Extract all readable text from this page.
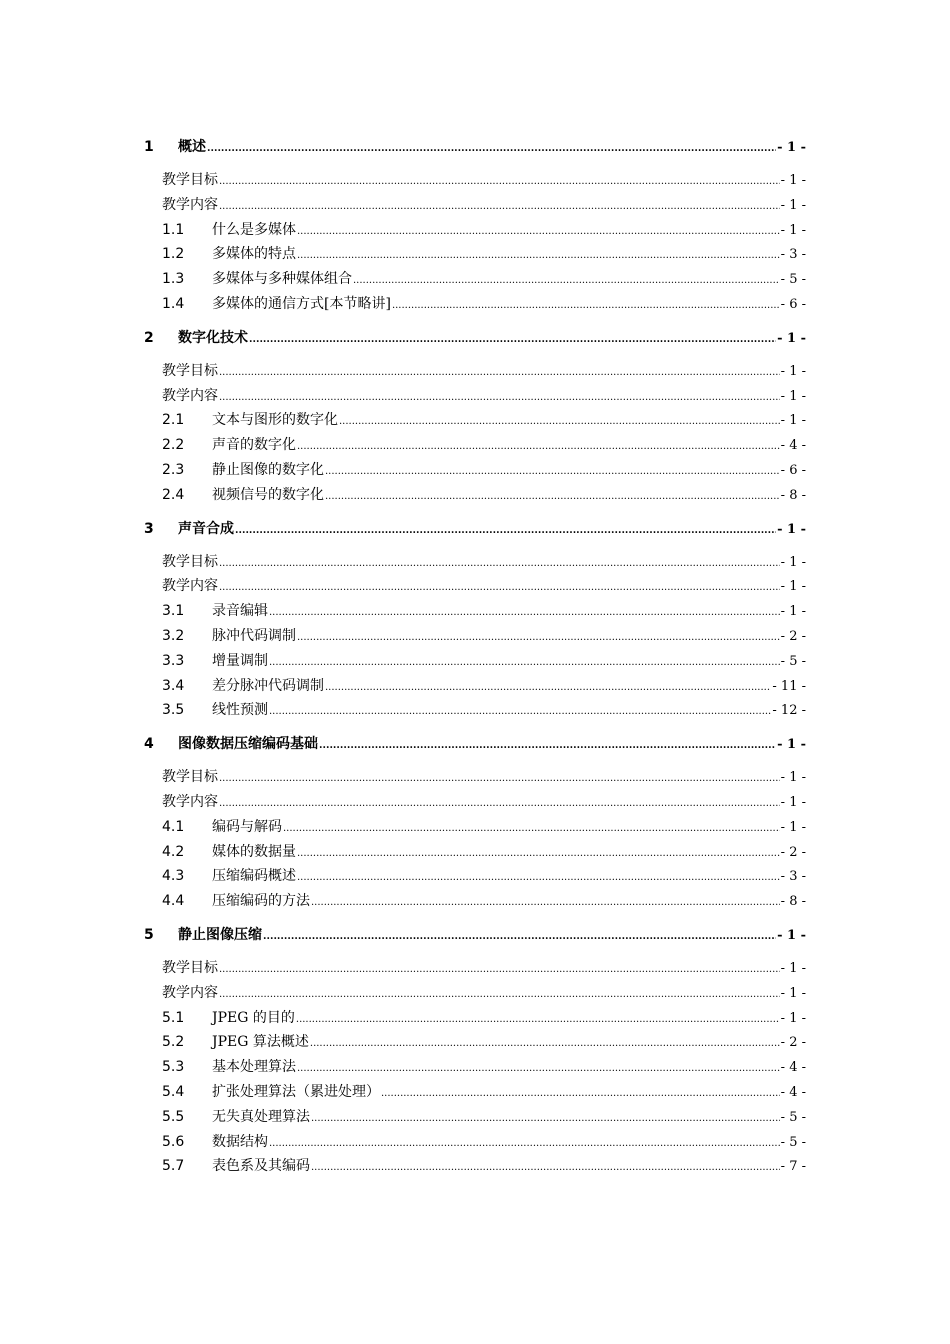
1	概述 .....	- 1 -
教学目标 .....	- 1 -
教学内容 .....	- 1 -
1.1	什么是多媒体 .....	- 1 -
1.2	多媒体的特点 .....	- 3 -
1.3	多媒体与多种媒体组合 .....	- 5 -
1.4	多媒体的通信方式[本节略讲] .....	- 6 -
2	数字化技术 .....	- 1 -
教学目标 .....	- 1 -
教学内容 .....	- 1 -
2.1	文本与图形的数字化 .....	- 1 -
2.2	声音的数字化 .....	- 4 -
2.3	静止图像的数字化 .....	- 6 -
2.4	视频信号的数字化 .....	- 8 -
3	声音合成 .....	- 1 -
教学目标 .....	- 1 -
教学内容 .....	- 1 -
3.1	录音编辑 .....	- 1 -
3.2	脉冲代码调制 .....	- 2 -
3.3	增量调制 .....	- 5 -
3.4	差分脉冲代码调制 .....	- 11 -
3.5	线性预测 .....	- 12 -
4	图像数据压缩编码基础 .....	- 1 -
教学目标 .....	- 1 -
教学内容 .....	- 1 -
4.1	编码与解码 .....	- 1 -
4.2	媒体的数据量 .....	- 2 -
4.3	压缩编码概述 .....	- 3 -
4.4	压缩编码的方法 .....	- 8 -
5	静止图像压缩 .....	- 1 -
教学目标 .....	- 1 -
教学内容 .....	- 1 -
5.1	JPEG 的目的 .....	- 1 -
5.2	JPEG 算法概述 .....	- 2 -
5.3	基本处理算法 .....	- 4 -
5.4	扩张处理算法（累进处理） .....	- 4 -
5.5	无失真处理算法 .....	- 5 -
5.6	数据结构 .....	- 5 -
5.7	表色系及其编码 .....	- 7 -
